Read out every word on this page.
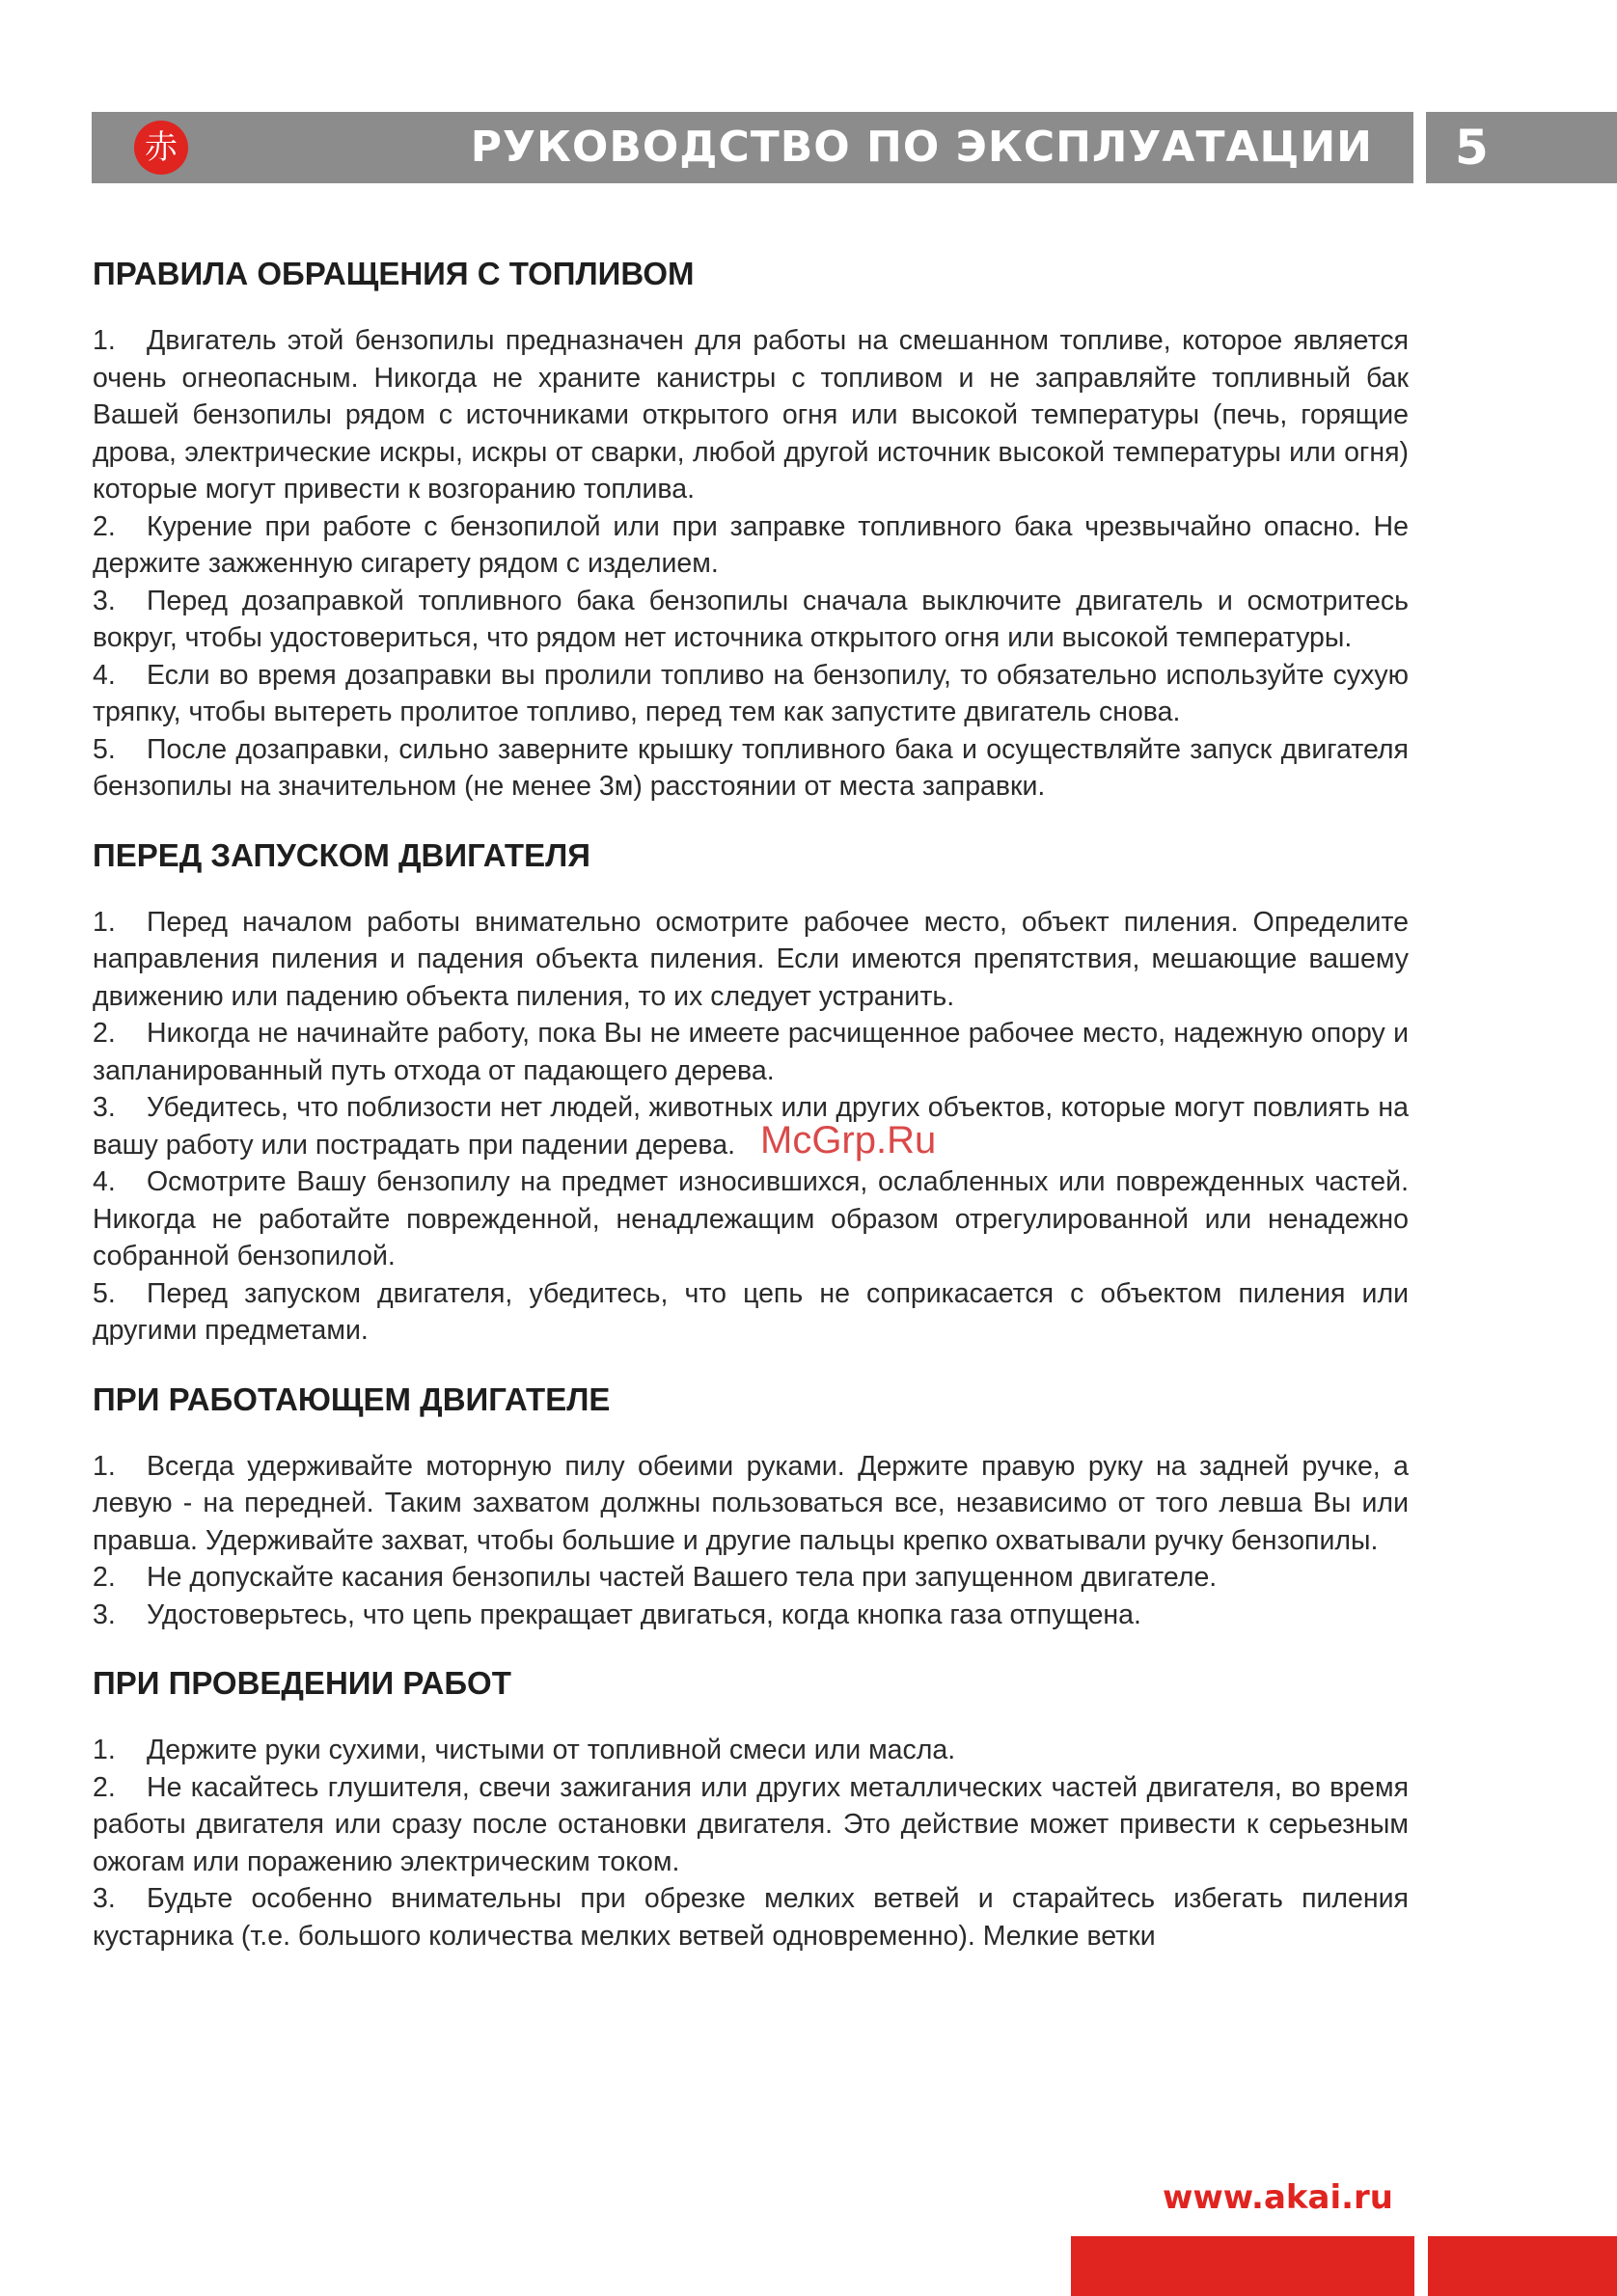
赤	РУКОВОДСТВО ПО ЭКСПЛУАТАЦИИ 5
ПРАВИЛА ОБРАЩЕНИЯ С ТОПЛИВОМ

1. Двигатель этой бензопилы предназначен для работы на смешанном топливе, которое является очень огнеопасным. Никогда не храните канистры с топливом и не заправляйте топливный бак Вашей бензопилы рядом с источниками открытого огня или высокой температуры (печь, горящие дрова, электрические искры, искры от сварки, любой другой источник высокой температуры или огня) которые могут привести к возгоранию топлива.

2. Курение при работе с бензопилой или при заправке топливного бака чрезвычайно опасно. Не держите зажженную сигарету рядом с изделием.

3. Перед дозаправкой топливного бака бензопилы сначала выключите двигатель и осмотритесь вокруг, чтобы удостовериться, что рядом нет источника открытого огня или высокой температуры.

4. Если во время дозаправки вы пролили топливо на бензопилу, то обязательно используйте сухую тряпку, чтобы вытереть пролитое топливо, перед тем как запустите двигатель снова.

5. После дозаправки, сильно заверните крышку топливного бака и осуществляйте запуск двигателя бензопилы на значительном (не менее 3м) расстоянии от места заправки.

ПЕРЕД ЗАПУСКОМ ДВИГАТЕЛЯ

1. Перед началом работы внимательно осмотрите рабочее место, объект пиления. Определите направления пиления и падения объекта пиления. Если имеются препятствия, мешающие вашему движению или падению объекта пиления, то их следует устранить.

2. Никогда не начинайте работу, пока Вы не имеете расчищенное рабочее место, надежную опору и запланированный путь отхода от падающего дерева.

3. Убедитесь, что поблизости нет людей, животных или других объектов, которые могут повлиять на вашу работу или пострадать при падении дерева.

4. Осмотрите Вашу бензопилу на предмет износившихся, ослабленных или поврежденных частей. Никогда не работайте поврежденной, ненадлежащим образом отрегулированной или ненадежно собранной бензопилой.

5. Перед запуском двигателя, убедитесь, что цепь не соприкасается с объектом пиления или другими предметами.

ПРИ РАБОТАЮЩЕМ ДВИГАТЕЛЕ

1. Всегда удерживайте моторную пилу обеими руками. Держите правую руку на задней ручке, а левую - на передней. Таким захватом должны пользоваться все, независимо от того левша Вы или правша. Удерживайте захват, чтобы большие и другие пальцы крепко охватывали ручку бензопилы.

2. Не допускайте касания бензопилы частей Вашего тела при запущенном двигателе.

3. Удостоверьтесь, что цепь прекращает двигаться, когда кнопка газа отпущена.

ПРИ ПРОВЕДЕНИИ РАБОТ

1. Держите руки сухими, чистыми от топливной смеси или масла.

2. Не касайтесь глушителя, свечи зажигания или других металлических частей двигателя, во время работы двигателя или сразу после остановки двигателя. Это действие может привести к серьезным ожогам или поражению электрическим током.

3. Будьте особенно внимательны при обрезке мелких ветвей и старайтесь избегать пиления кустарника (т.е. большого количества мелких ветвей одновременно). Мелкие ветки

McGrp.Ru
www.akai.ru
